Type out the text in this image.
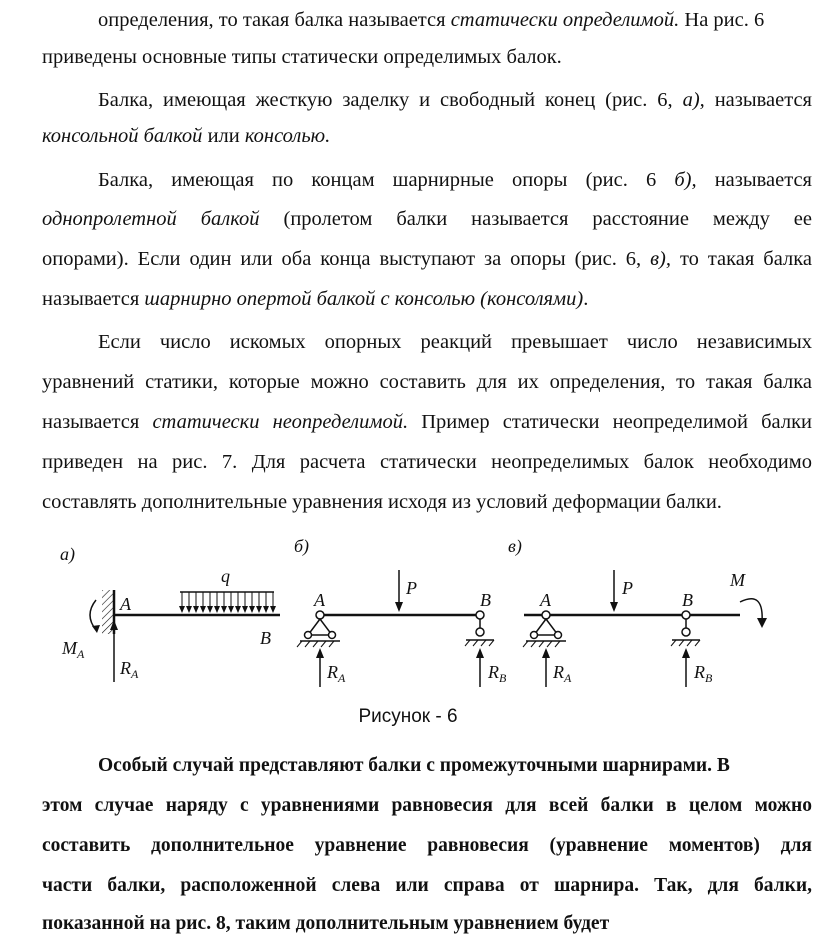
определения, то такая балка называется статически определимой. На рис. 6
приведены основные типы статически определимых балок.
Балка, имеющая жесткую заделку и свободный конец (рис. 6, а), называется
консольной балкой или консолью.
Балка, имеющая по концам шарнирные опоры (рис. 6 б), называется
однопролетной балкой (пролетом балки называется расстояние между ее
опорами). Если один или оба конца выступают за опоры (рис. 6, в), то такая балка
называется шарнирно опертой балкой с консолью (консолями).
Если число искомых опорных реакций превышает число независимых
уравнений статики, которые можно составить для их определения, то такая балка
называется статически неопределимой. Пример статически неопределимой балки
приведен на рис. 7. Для расчета статически неопределимых балок необходимо
составлять дополнительные уравнения исходя из условий деформации балки.
а)
q
A
B
$M_A$
$R_A$
б)
P
A	B
$R_A$	$R_B$
в)
P
A	B
M
$R_A$	$R_B$
Рисунок - 6
Особый случай представляют балки с промежуточными шарнирами. В
этом случае наряду с уравнениями равновесия для всей балки в целом можно
составить дополнительное уравнение равновесия (уравнение моментов) для
части балки, расположенной слева или справа от шарнира. Так, для балки,
показанной на рис. 8, таким дополнительным уравнением будет
